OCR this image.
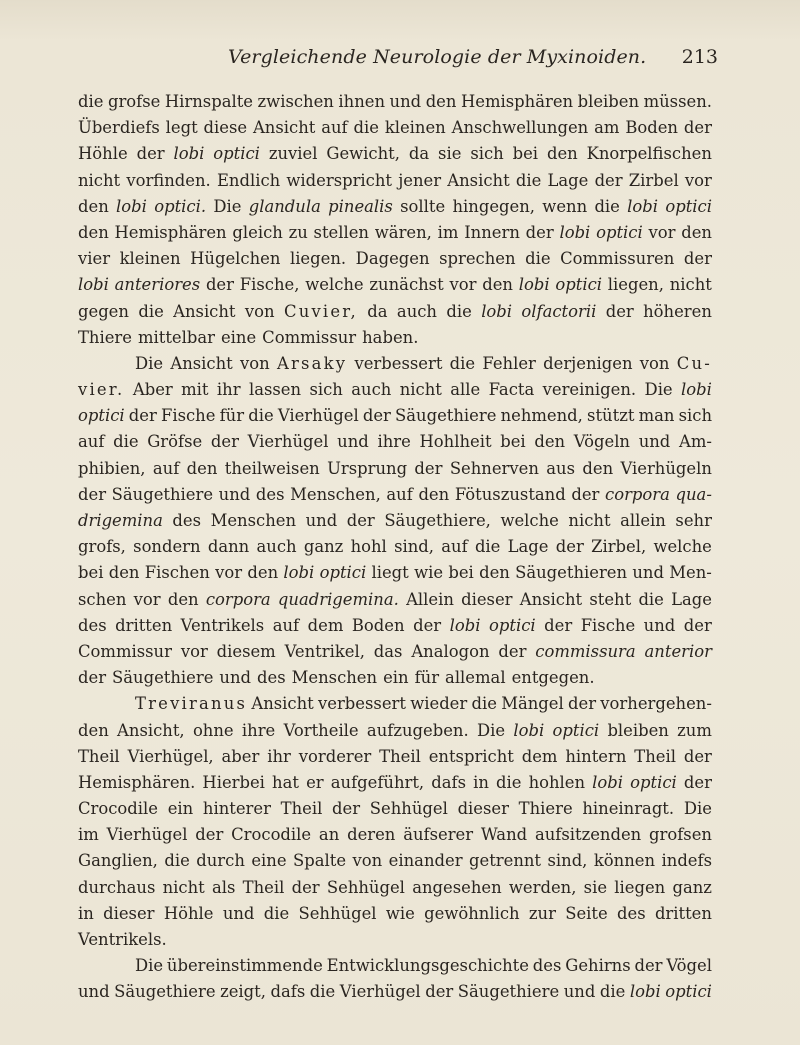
Vergleichende Neurologie der Myxinoiden. 213
die grofse Hirnspalte zwischen ihnen und den Hemisphären bleiben müssen.
Überdiefs legt diese Ansicht auf die kleinen Anschwellungen am Boden der
Höhle der lobi optici zuviel Gewicht, da sie sich bei den Knorpelfischen
nicht vorfinden. Endlich widerspricht jener Ansicht die Lage der Zirbel vor
den lobi optici. Die glandula pinealis sollte hingegen, wenn die lobi optici
den Hemisphären gleich zu stellen wären, im Innern der lobi optici vor den
vier kleinen Hügelchen liegen. Dagegen sprechen die Commissuren der
lobi anteriores der Fische, welche zunächst vor den lobi optici liegen, nicht
gegen die Ansicht von Cuvier, da auch die lobi olfactorii der höheren
Thiere mittelbar eine Commissur haben.
Die Ansicht von Arsaky verbessert die Fehler derjenigen von Cu-
vier. Aber mit ihr lassen sich auch nicht alle Facta vereinigen. Die lobi
optici der Fische für die Vierhügel der Säugethiere nehmend, stützt man sich
auf die Gröfse der Vierhügel und ihre Hohlheit bei den Vögeln und Am-
phibien, auf den theilweisen Ursprung der Sehnerven aus den Vierhügeln
der Säugethiere und des Menschen, auf den Fötuszustand der corpora qua-
drigemina des Menschen und der Säugethiere, welche nicht allein sehr
grofs, sondern dann auch ganz hohl sind, auf die Lage der Zirbel, welche
bei den Fischen vor den lobi optici liegt wie bei den Säugethieren und Men-
schen vor den corpora quadrigemina. Allein dieser Ansicht steht die Lage
des dritten Ventrikels auf dem Boden der lobi optici der Fische und der
Commissur vor diesem Ventrikel, das Analogon der commissura anterior
der Säugethiere und des Menschen ein für allemal entgegen.
Treviranus Ansicht verbessert wieder die Mängel der vorhergehen-
den Ansicht, ohne ihre Vortheile aufzugeben. Die lobi optici bleiben zum
Theil Vierhügel, aber ihr vorderer Theil entspricht dem hintern Theil der
Hemisphären. Hierbei hat er aufgeführt, dafs in die hohlen lobi optici der
Crocodile ein hinterer Theil der Sehhügel dieser Thiere hineinragt. Die
im Vierhügel der Crocodile an deren äufserer Wand aufsitzenden grofsen
Ganglien, die durch eine Spalte von einander getrennt sind, können indefs
durchaus nicht als Theil der Sehhügel angesehen werden, sie liegen ganz
in dieser Höhle und die Sehhügel wie gewöhnlich zur Seite des dritten
Ventrikels.
Die übereinstimmende Entwicklungsgeschichte des Gehirns der Vögel
und Säugethiere zeigt, dafs die Vierhügel der Säugethiere und die lobi optici
